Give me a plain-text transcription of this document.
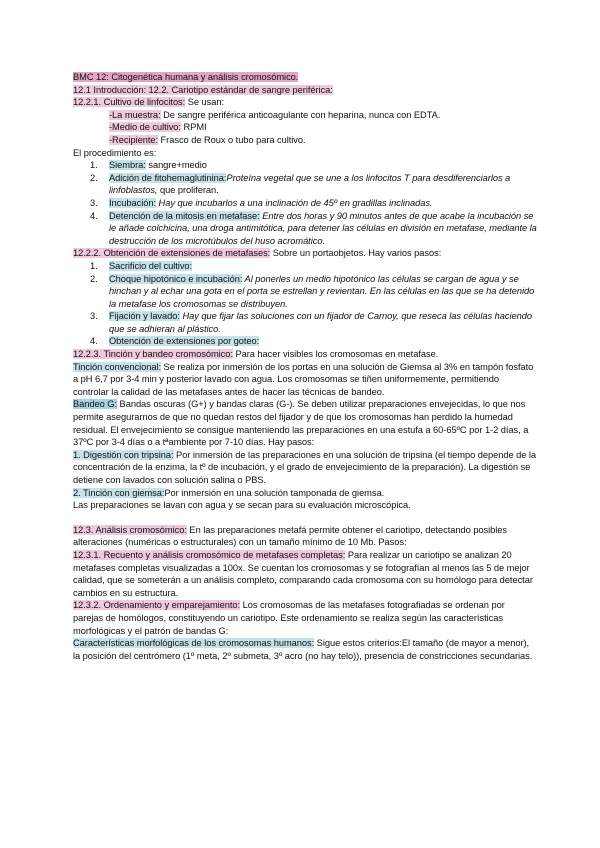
BMC 12: Citogenética humana y análisis cromosómico.

12.1 Introducción: 12.2. Cariotipo estándar de sangre periférica:

12.2.1. Cultivo de linfocitos: Se usan:

-La muestra: De sangre periférica anticoagulante con heparina, nunca con EDTA.

-Medio de cultivo: RPMI

-Recipiente: Frasco de Roux o tubo para cultivo.

El procedimiento es:

1. Siembra: sangre+medio
2. Adición de fitohemaglutinina:Proteína vegetal que se une a los linfocitos T para desdiferenciarlos a linfoblastos, que proliferan.
3. Incubación: Hay que incubarlos a una inclinación de 45º en gradillas inclinadas.
4. Detención de la mitosis en metafase: Entre dos horas y 90 minutos antes de que acabe la incubación se le añade colchicina, una droga antimitótica, para detener las células en división en metafase, mediante la destrucción de los microtúbulos del huso acromático.

12.2.2. Obtención de extensiones de metafases: Sobre un portaobjetos. Hay varios pasos:

1. Sacrificio del cultivo:
2. Choque hipotónico e incubación: Al ponerles un medio hipotónico las células se cargan de agua y se hinchan y al echar una gota en el porta se estrellan y revientan. En las células en las que se ha detenido la metafase los cromosomas se distribuyen.
3. Fijación y lavado: Hay que fijar las soluciones con un fijador de Carnoy, que reseca las células haciendo que se adhieran al plástico.
4. Obtención de extensiones por goteo:

12.2.3. Tinción y bandeo cromosómico: Para hacer visibles los cromosomas en metafase.

Tinción convencional: Se realiza por inmersión de los portas en una solución de Giemsa al 3% en tampón fosfato a pH 6,7 por 3-4 min y posterior lavado con agua. Los cromosomas se tiñen uniformemente, permitiendo controlar la calidad de las metafases antes de hacer las técnicas de bandeo.

Bandeo G: Bandas oscuras (G+) y bandas claras (G-). Se deben utilizar preparaciones envejecidas, lo que nos permite asegurarnos de que no quedan restos del fijador y de que los cromosomas han perdido la humedad residual. El envejecimiento se consigue manteniendo las preparaciones en una estufa a 60-65ºC por 1-2 días, a 37ºC por 3-4 días o a tªambiente por 7-10 días. Hay pasos:

1. Digestión con tripsina: Por inmersión de las preparaciones en una solución de tripsina (el tiempo depende de la concentración de la enzima, la tº de incubación, y el grado de envejecimiento de la preparación). La digestión se detiene con lavados con solución salina o PBS.

2. Tinción con giemsa:Por inmersión en una solución tamponada de giemsa.

Las preparaciones se lavan con agua y se secan para su evaluación microscópica.

12.3. Análisis cromosómico: En las preparaciones metafá permite obtener el cariotipo, detectando posibles alteraciones (numéricas o estructurales) con un tamaño mínimo de 10 Mb. Pasos:

12.3.1. Recuento y análisis cromosómico de metafases completas: Para realizar un cariotipo se analizan 20 metafases completas visualizadas a 100x. Se cuentan los cromosomas y se fotografían al menos las 5 de mejor calidad, que se someterán a un análisis completo, comparando cada cromosoma con su homólogo para detectar cambios en su estructura.

12.3.2. Ordenamiento y emparejamiento: Los cromosomas de las metafases fotografiadas se ordenan por parejas de homólogos, constituyendo un cariotipo. Este ordenamiento se realiza según las características morfológicas y el patrón de bandas G:

Características morfológicas de los cromosomas humanos: Sigue estos criterios:El tamaño (de mayor a menor), la posición del centrómero (1º meta, 2º submeta, 3º acro (no hay telo)), presencia de constricciones secundarias.
